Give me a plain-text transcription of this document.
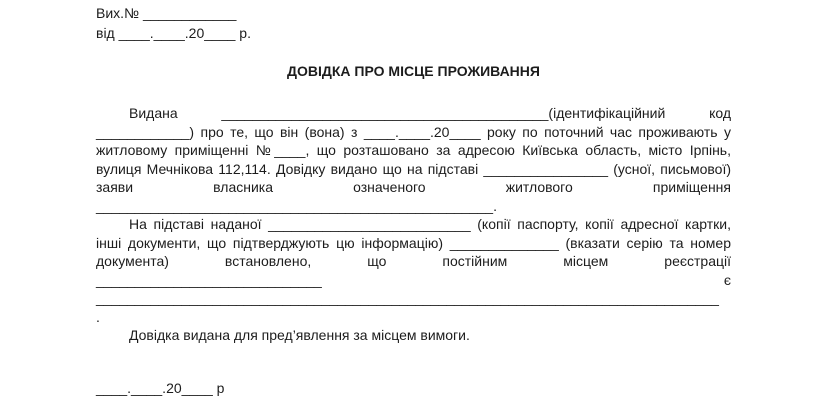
Вих.№ ____________
від ____.____.20____ р.
ДОВІДКА ПРО МІСЦЕ ПРОЖИВАННЯ
Видана __________________________________________(ідентифікаційний код
____________) про те, що він (вона) з ____.____.20____ року по поточний час проживають у
житловому приміщенні №____, що розташовано за адресою Київська область, місто Ірпінь,
вулиця Мечнікова 112,114. Довідку видано що на підставі ________________ (усної, письмової)
заяви власника означеного житлового приміщення
___________________________________________________.
На підставі наданої __________________________ (копії паспорту, копії адресної картки,
інші документи, що підтверджують цю інформацію) ______________ (вказати серію та номер
документа) встановлено, що постійним місцем реєстрації
_____________________________ є
________________________________________________________________________________
.
Довідка видана для пред’явлення за місцем вимоги.
____.____.20____ р
